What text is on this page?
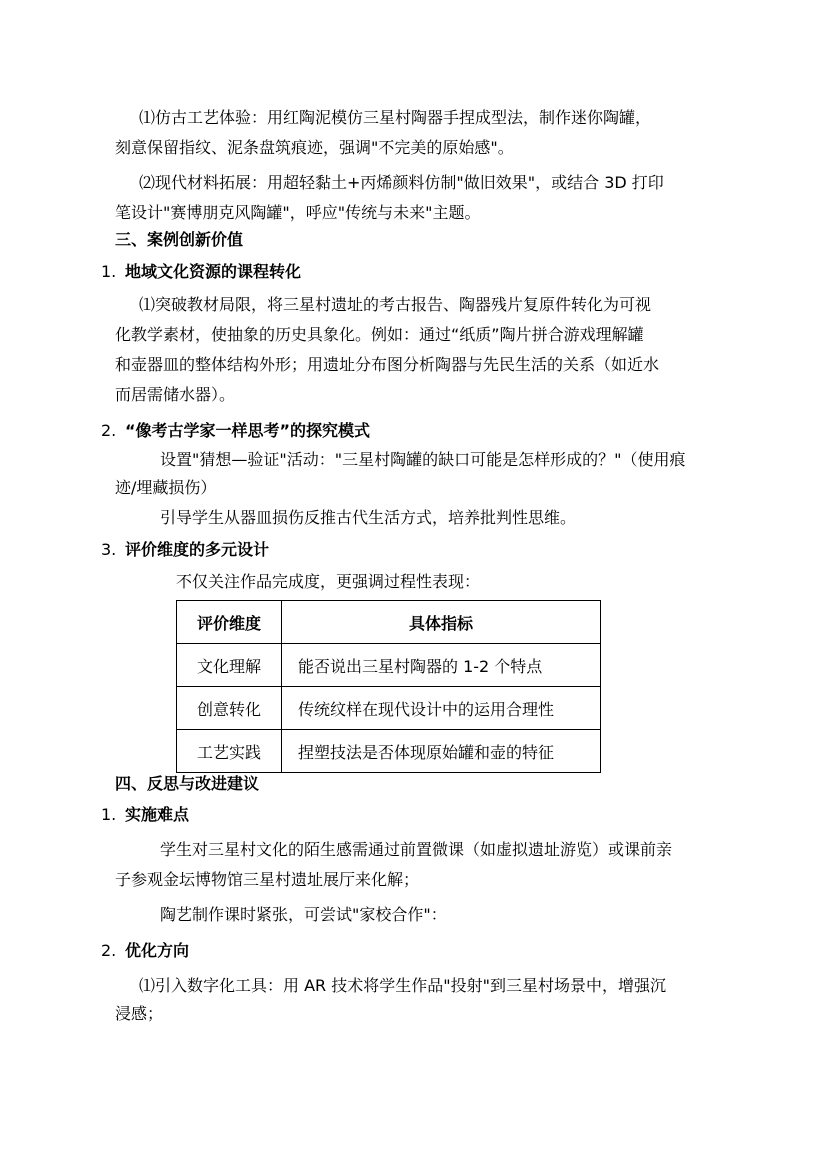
⑴仿古工艺体验：用红陶泥模仿三星村陶器手捏成型法，制作迷你陶罐，
刻意保留指纹、泥条盘筑痕迹，强调"不完美的原始感"。
⑵现代材料拓展：用超轻黏土+丙烯颜料仿制"做旧效果"，或结合 3D 打印
笔设计"赛博朋克风陶罐"，呼应"传统与未来"主题。
三、案例创新价值
1. 地域文化资源的课程转化
⑴突破教材局限，将三星村遗址的考古报告、陶器残片复原件转化为可视
化教学素材，使抽象的历史具象化。例如：通过“纸质”陶片拼合游戏理解罐
和壶器皿的整体结构外形；用遗址分布图分析陶器与先民生活的关系（如近水
而居需储水器）。
2. “像考古学家一样思考”的探究模式
设置"猜想—验证"活动："三星村陶罐的缺口可能是怎样形成的？"（使用痕
迹/埋藏损伤）
引导学生从器皿损伤反推古代生活方式，培养批判性思维。
3. 评价维度的多元设计
不仅关注作品完成度，更强调过程性表现：
评价维度	具体指标
文化理解	能否说出三星村陶器的 1-2 个特点
创意转化	传统纹样在现代设计中的运用合理性
工艺实践	捏塑技法是否体现原始罐和壶的特征
四、反思与改进建议
1. 实施难点
学生对三星村文化的陌生感需通过前置微课（如虚拟遗址游览）或课前亲
子参观金坛博物馆三星村遗址展厅来化解；
陶艺制作课时紧张，可尝试"家校合作"：
2. 优化方向
⑴引入数字化工具：用 AR 技术将学生作品"投射"到三星村场景中，增强沉
浸感；
